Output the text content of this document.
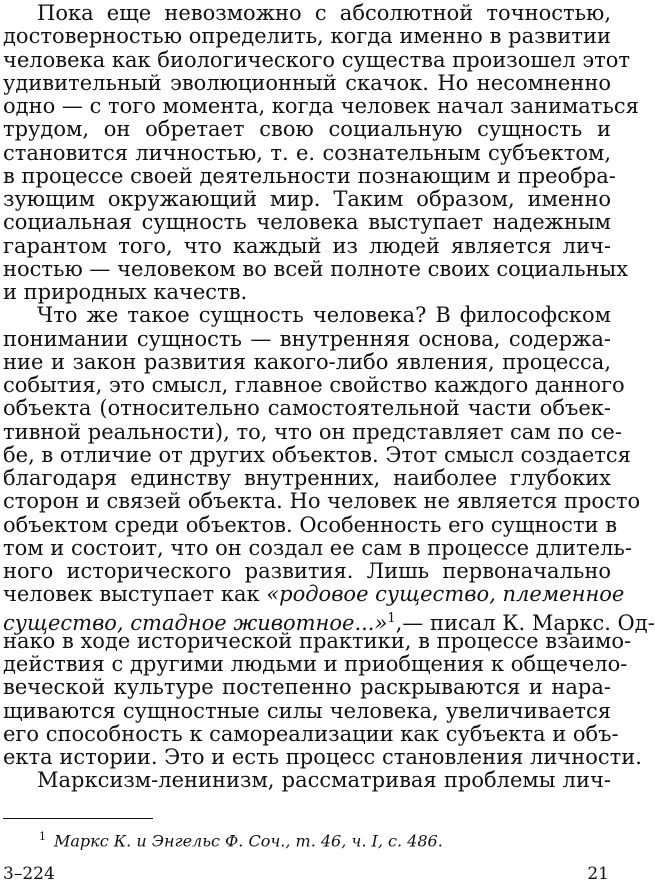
Пока еще невозможно с абсолютной точностью,
достоверностью определить, когда именно в развитии
человека как биологического существа произошел этот
удивительный эволюционный скачок. Но несомненно
одно — с того момента, когда человек начал заниматься
трудом, он обретает свою социальную сущность и
становится личностью, т. е. сознательным субъектом,
в процессе своей деятельности познающим и преобра-
зующим окружающий мир. Таким образом, именно
социальная сущность человека выступает надежным
гарантом того, что каждый из людей является лич-
ностью — человеком во всей полноте своих социальных
и природных качеств.
Что же такое сущность человека? В философском
понимании сущность — внутренняя основа, содержа-
ние и закон развития какого-либо явления, процесса,
события, это смысл, главное свойство каждого данного
объекта (относительно самостоятельной части объек-
тивной реальности), то, что он представляет сам по се-
бе, в отличие от других объектов. Этот смысл создается
благодаря единству внутренних, наиболее глубоких
сторон и связей объекта. Но человек не является просто
объектом среди объектов. Особенность его сущности в
том и состоит, что он создал ее сам в процессе длитель-
ного исторического развития. Лишь первоначально
человек выступает как «родовое существо, племенное
существо, стадное животное...»$^1$,— писал К. Маркс. Од-
нако в ходе исторической практики, в процессе взаимо-
действия с другими людьми и приобщения к общечело-
веческой культуре постепенно раскрываются и нара-
щиваются сущностные силы человека, увеличивается
его способность к самореализации как субъекта и объ-
екта истории. Это и есть процесс становления личности.
Марксизм-ленинизм, рассматривая проблемы лич-
$^1$ Маркс К. и Энгельс Ф. Соч., т. 46, ч. I, с. 486.
3–224	21
